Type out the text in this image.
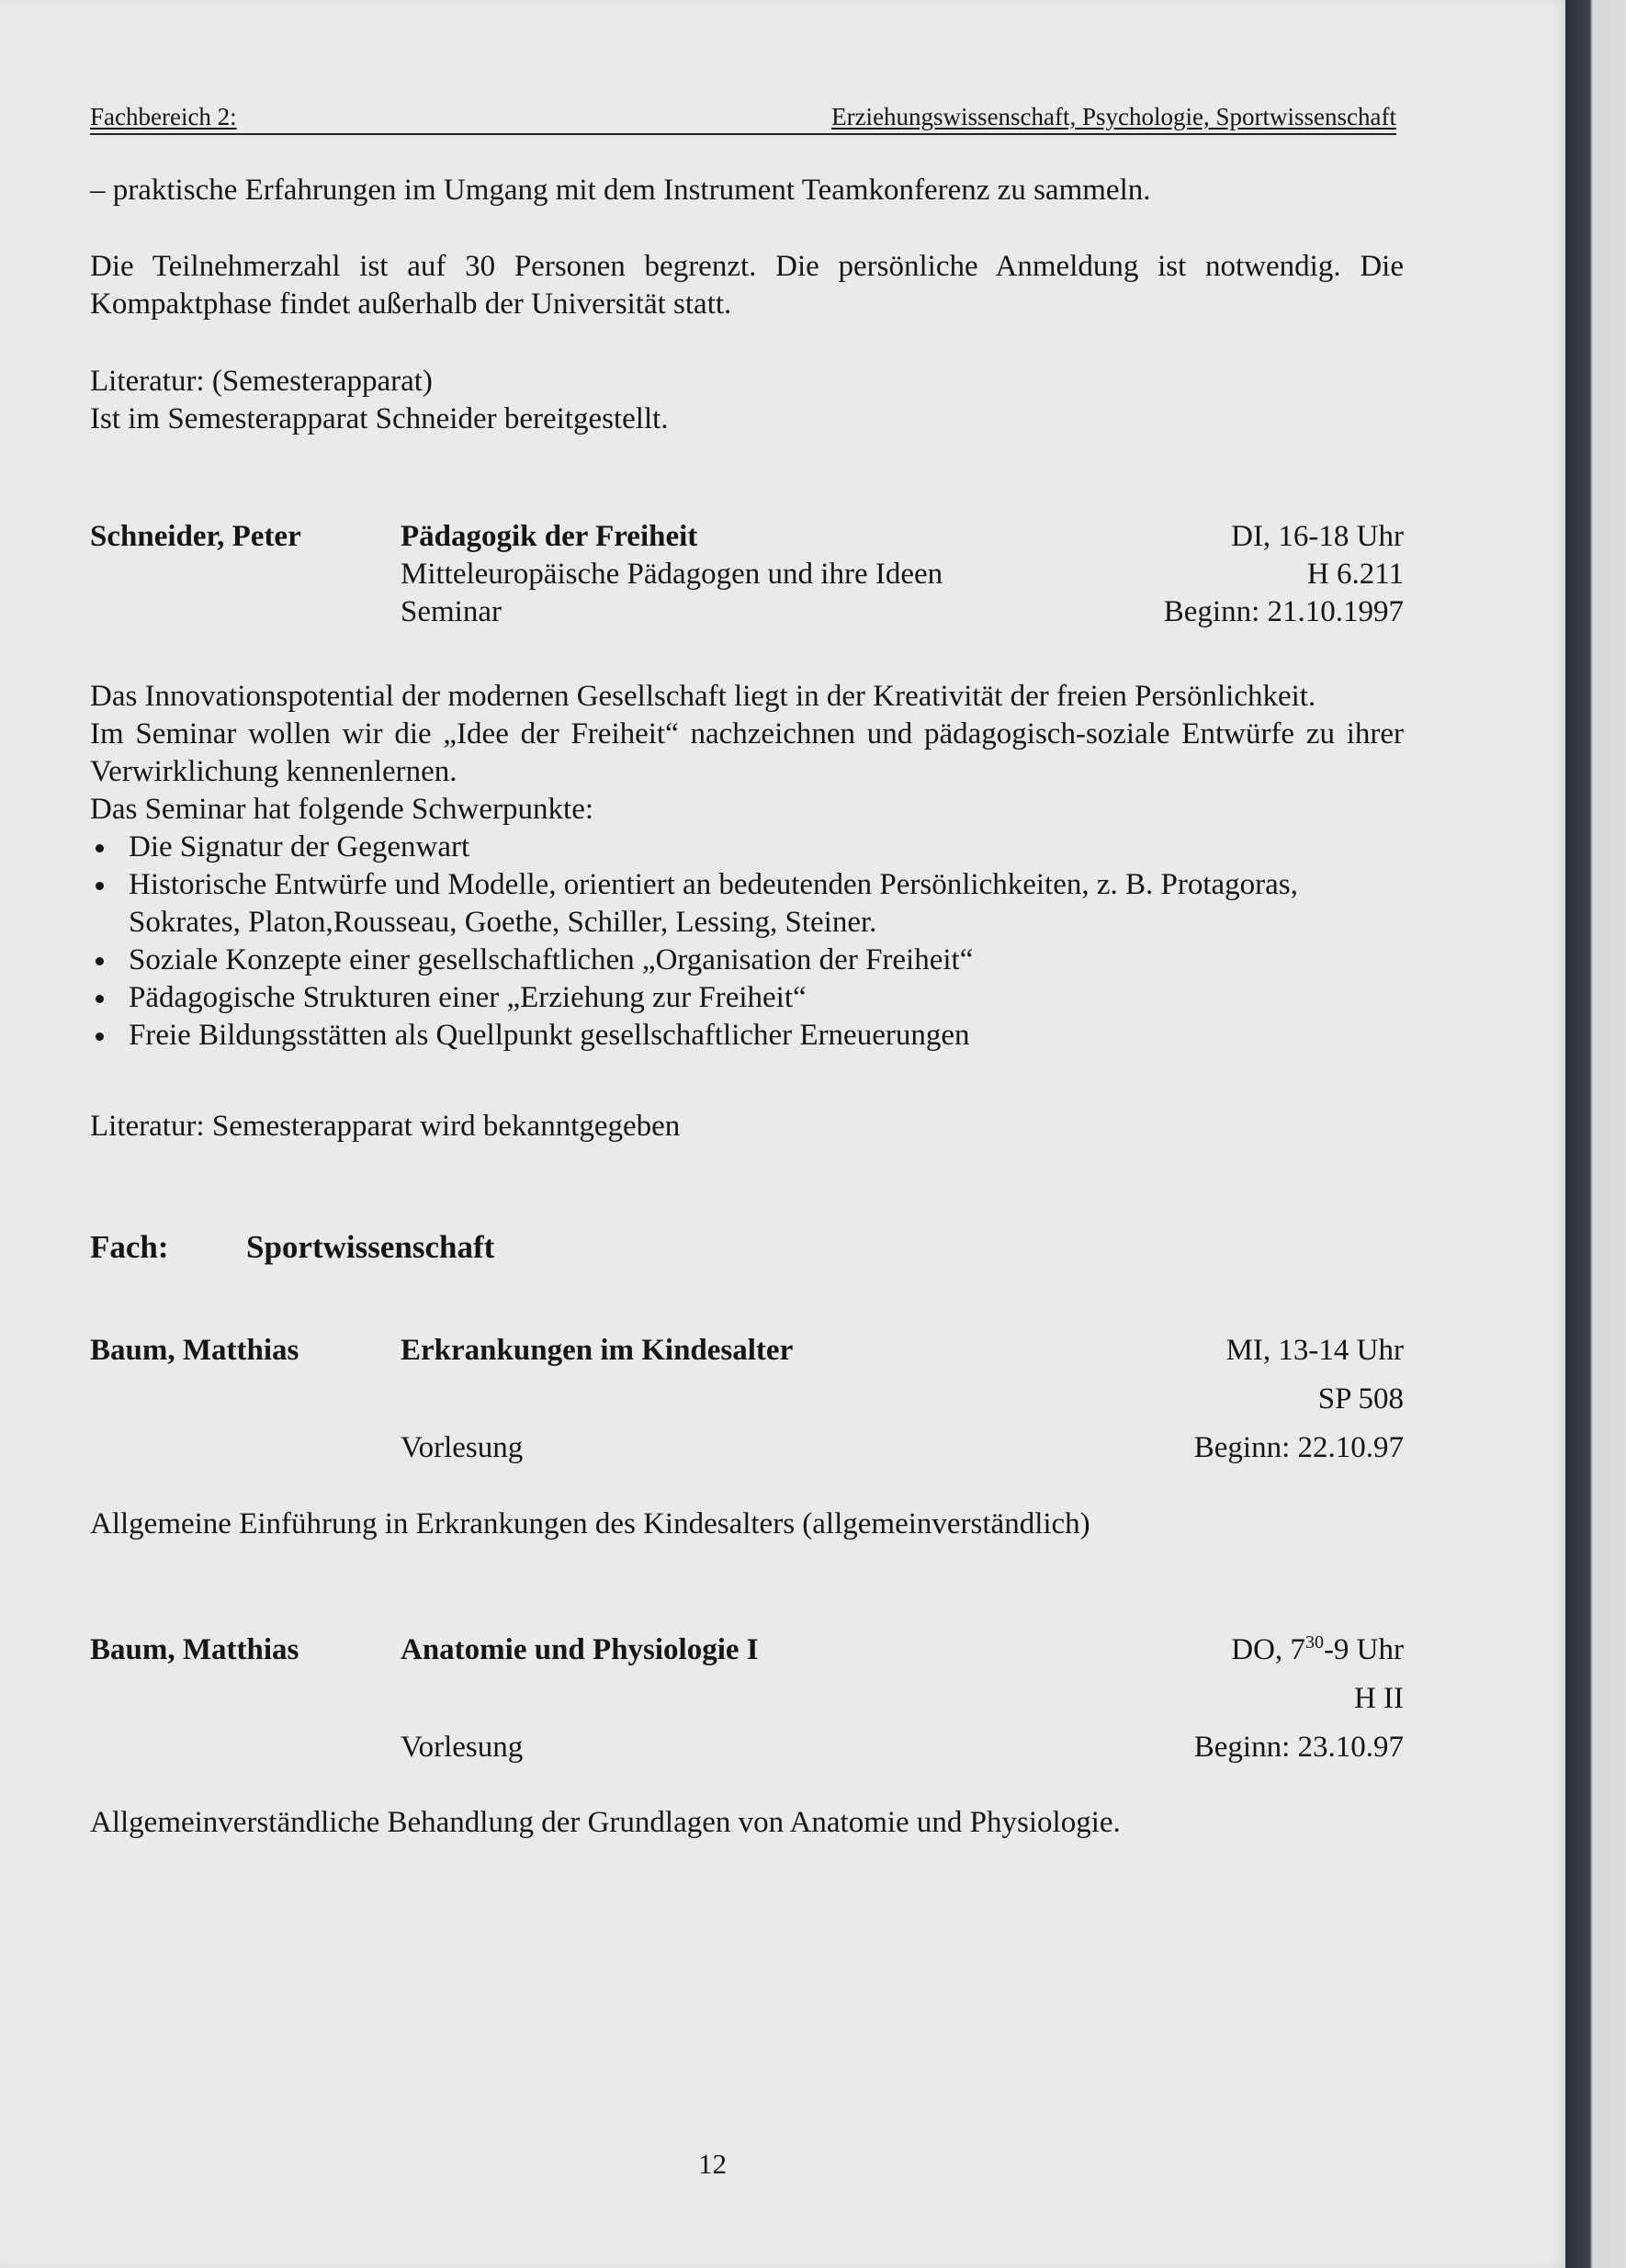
Fachbereich 2:	Erziehungswissenschaft, Psychologie, Sportwissenschaft

– praktische Erfahrungen im Umgang mit dem Instrument Teamkonferenz zu sammeln.

Die Teilnehmerzahl ist auf 30 Personen begrenzt. Die persönliche Anmeldung ist notwendig. Die Kompaktphase findet außerhalb der Universität statt.

Literatur: (Semesterapparat)

Ist im Semesterapparat Schneider bereitgestellt.

Schneider, Peter	Pädagogik der Freiheit	DI, 16-18 Uhr
Mitteleuropäische Pädagogen und ihre Ideen	H 6.211
Seminar	Beginn: 21.10.1997

Das Innovationspotential der modernen Gesellschaft liegt in der Kreativität der freien Persönlichkeit.

Im Seminar wollen wir die „Idee der Freiheit“ nachzeichnen und pädagogisch-soziale Entwürfe zu ihrer Verwirklichung kennenlernen.

Das Seminar hat folgende Schwerpunkte:

Die Signatur der Gegenwart
Historische Entwürfe und Modelle, orientiert an bedeutenden Persönlichkeiten, z. B. Protagoras, Sokrates, Platon,Rousseau, Goethe, Schiller, Lessing, Steiner.
Soziale Konzepte einer gesellschaftlichen „Organisation der Freiheit“
Pädagogische Strukturen einer „Erziehung zur Freiheit“
Freie Bildungsstätten als Quellpunkt gesellschaftlicher Erneuerungen

Literatur: Semesterapparat wird bekanntgegeben

Fach: Sportwissenschaft
Baum, Matthias	Erkrankungen im Kindesalter	MI, 13-14 Uhr
SP 508
Vorlesung	Beginn: 22.10.97

Allgemeine Einführung in Erkrankungen des Kindesalters (allgemeinverständlich)

Baum, Matthias	Anatomie und Physiologie I	DO, $7^{30}-9$ Uhr
H II
Vorlesung	Beginn: 23.10.97

Allgemeinverständliche Behandlung der Grundlagen von Anatomie und Physiologie.

12
